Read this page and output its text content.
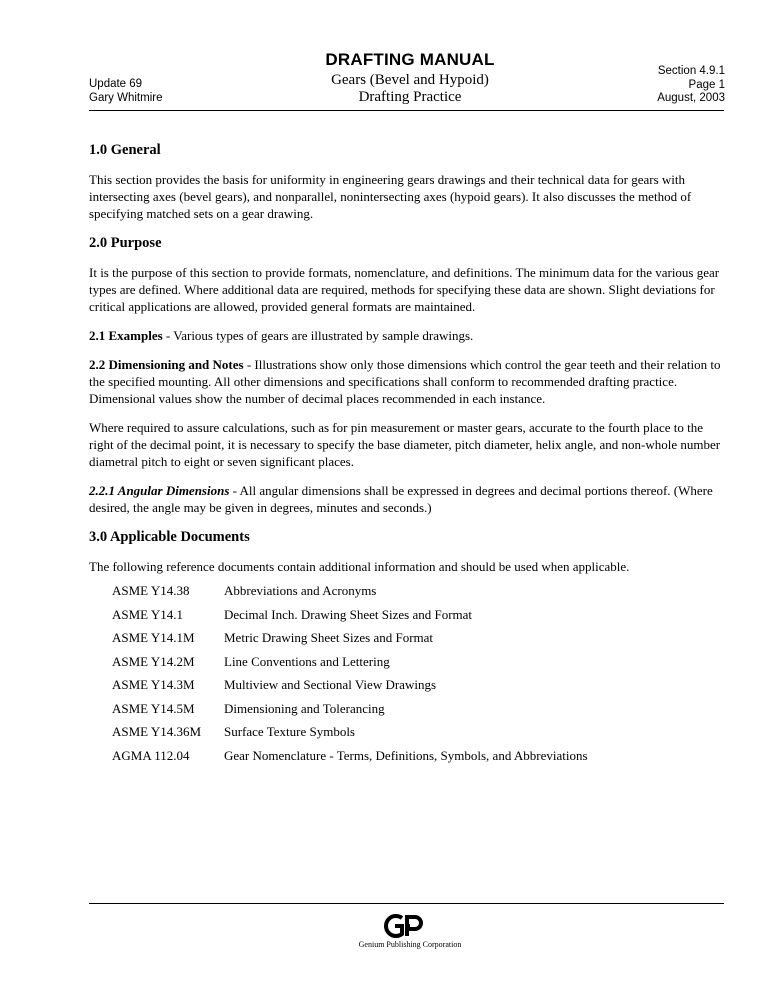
Update 69
Gary Whitmire
DRAFTING MANUAL
Gears (Bevel and Hypoid)
Drafting Practice
Section 4.9.1
Page 1
August, 2003
1.0 General

This section provides the basis for uniformity in engineering gears drawings and their technical data for gears with intersecting axes (bevel gears), and nonparallel, nonintersecting axes (hypoid gears). It also discusses the method of specifying matched sets on a gear drawing.

2.0 Purpose

It is the purpose of this section to provide formats, nomenclature, and definitions. The minimum data for the various gear types are defined. Where additional data are required, methods for specifying these data are shown. Slight deviations for critical applications are allowed, provided general formats are maintained.

2.1 Examples - Various types of gears are illustrated by sample drawings.

2.2 Dimensioning and Notes - Illustrations show only those dimensions which control the gear teeth and their relation to the specified mounting. All other dimensions and specifications shall conform to recommended drafting practice. Dimensional values show the number of decimal places recommended in each instance.

Where required to assure calculations, such as for pin measurement or master gears, accurate to the fourth place to the right of the decimal point, it is necessary to specify the base diameter, pitch diameter, helix angle, and non-whole number diametral pitch to eight or seven significant places.

2.2.1 Angular Dimensions - All angular dimensions shall be expressed in degrees and decimal portions thereof. (Where desired, the angle may be given in degrees, minutes and seconds.)

3.0 Applicable Documents

The following reference documents contain additional information and should be used when applicable.

ASME Y14.38	Abbreviations and Acronyms
ASME Y14.1	Decimal Inch. Drawing Sheet Sizes and Format
ASME Y14.1M	Metric Drawing Sheet Sizes and Format
ASME Y14.2M	Line Conventions and Lettering
ASME Y14.3M	Multiview and Sectional View Drawings
ASME Y14.5M	Dimensioning and Tolerancing
ASME Y14.36M	Surface Texture Symbols
AGMA 112.04	Gear Nomenclature - Terms, Definitions, Symbols, and Abbreviations
Genium Publishing Corporation
